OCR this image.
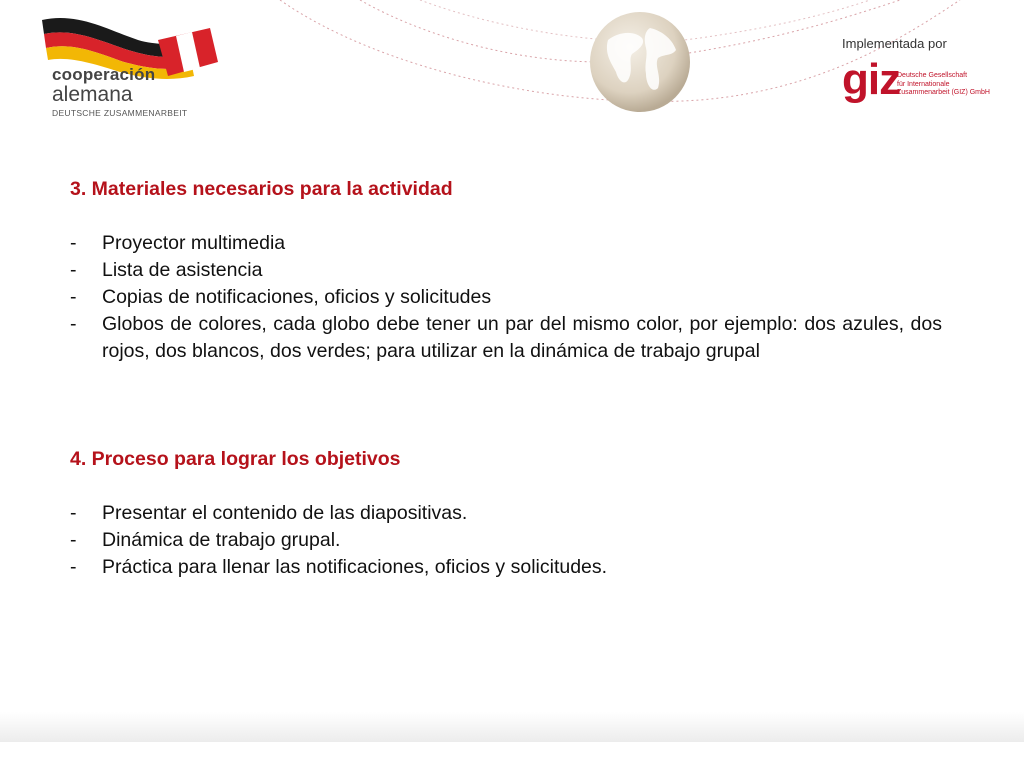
cooperación
alemana
DEUTSCHE ZUSAMMENARBEIT
Implementada por
giz
Deutsche Gesellschaft
für Internationale
Zusammenarbeit (GIZ) GmbH
3. Materiales necesarios para la actividad
- Proyector multimedia
- Lista de asistencia
- Copias de notificaciones, oficios y solicitudes
- Globos de colores, cada globo debe tener un par del mismo color, por ejemplo: dos azules, dos rojos, dos blancos, dos verdes; para utilizar en la dinámica de trabajo grupal
4. Proceso para lograr los objetivos
- Presentar el contenido de las diapositivas.
- Dinámica de trabajo grupal.
- Práctica para llenar las notificaciones, oficios y solicitudes.
